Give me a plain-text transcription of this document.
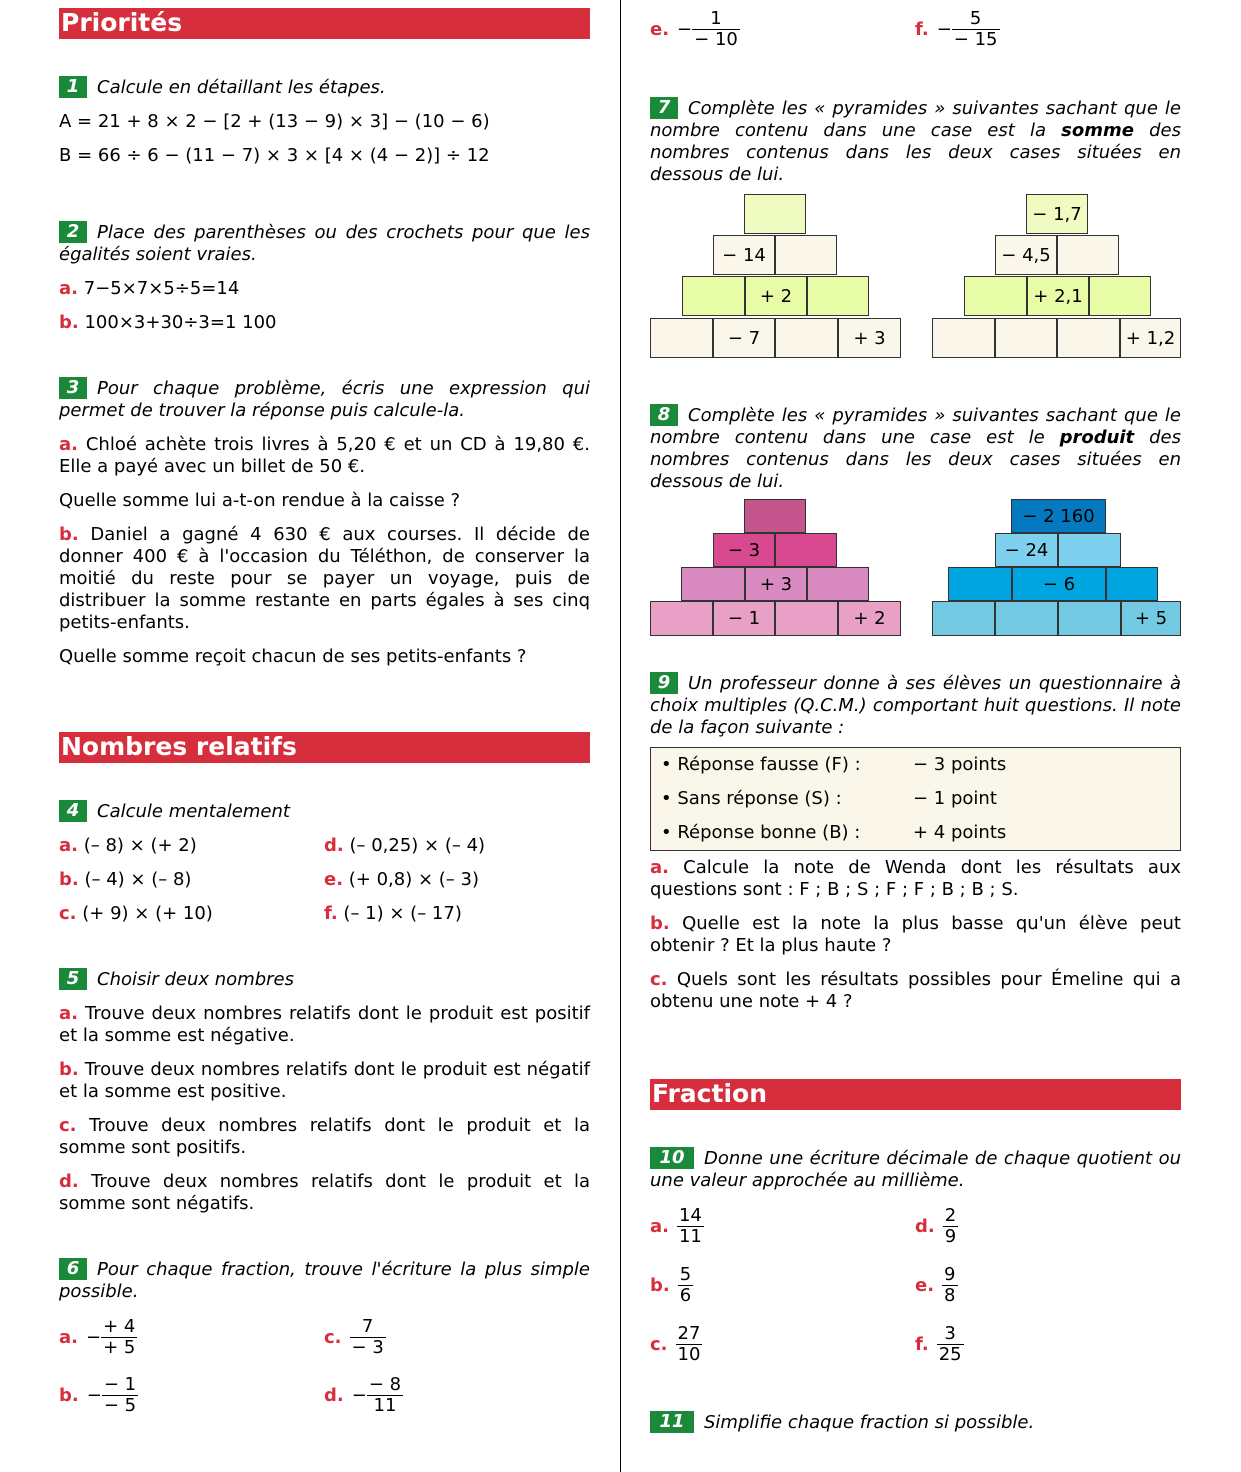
Priorités
1 Calcule en détaillant les étapes.

A = 21 + 8 × 2 − [2 + (13 − 9) × 3] − (10 − 6)

B = 66 ÷ 6 − (11 − 7) × 3 × [4 × (4 − 2)] ÷ 12

2 Place des parenthèses ou des crochets pour que les égalités soient vraies.

a. 7−5×7×5÷5=14

b. 100×3+30÷3=1 100

3 Pour chaque problème, écris une expression qui permet de trouver la réponse puis calcule-la.

a. Chloé achète trois livres à 5,20 € et un CD à 19,80 €. Elle a payé avec un billet de 50 €.

Quelle somme lui a-t-on rendue à la caisse ?

b. Daniel a gagné 4 630 € aux courses. Il décide de donner 400 € à l'occasion du Téléthon, de conserver la moitié du reste pour se payer un voyage, puis de distribuer la somme restante en parts égales à ses cinq petits-enfants.

Quelle somme reçoit chacun de ses petits-enfants ?

Nombres relatifs
4 Calcule mentalement
a. (– 8) × (+ 2)	d. (– 0,25) × (– 4)
b. (– 4) × (– 8)	e. (+ 0,8) × (– 3)
c. (+ 9) × (+ 10)	f. (– 1) × (– 17)
5 Choisir deux nombres

a. Trouve deux nombres relatifs dont le produit est positif et la somme est négative.

b. Trouve deux nombres relatifs dont le produit est négatif et la somme est positive.

c. Trouve deux nombres relatifs dont le produit et la somme sont positifs.

d. Trouve deux nombres relatifs dont le produit et la somme sont négatifs.

6 Pour chaque fraction, trouve l'écriture la plus simple possible.
a. − $\frac{+ 4}{+ 5}$	c. $\frac{7}{- 3}$
b. − $\frac{- 1}{- 5}$	d. − $\frac{- 8}{11}$
e. − $\frac{1}{- 10}$	f. − $\frac{5}{- 15}$
7 Complète les « pyramides » suivantes sachant que le nombre contenu dans une case est la somme des nombres contenus dans les deux cases situées en dessous de lui.
− 14
+ 2
− 7	+ 3
− 1,7
− 4,5
+ 2,1
+ 1,2
8 Complète les « pyramides » suivantes sachant que le nombre contenu dans une case est le produit des nombres contenus dans les deux cases situées en dessous de lui.
− 3
+ 3
− 1	+ 2
− 2 160
− 24
− 6
+ 5
9 Un professeur donne à ses élèves un questionnaire à choix multiples (Q.C.M.) comportant huit questions. Il note de la façon suivante :
• Réponse fausse (F) :	− 3 points
• Sans réponse (S) :	− 1 point
• Réponse bonne (B) :	+ 4 points

a. Calcule la note de Wenda dont les résultats aux questions sont : F ; B ; S ; F ; F ; B ; B ; S.

b. Quelle est la note la plus basse qu'un élève peut obtenir ? Et la plus haute ?

c. Quels sont les résultats possibles pour Émeline qui a obtenu une note + 4 ?

Fraction
10 Donne une écriture décimale de chaque quotient ou une valeur approchée au millième.
a. $\frac{14}{11}$	d. $\frac{2}{9}$
b. $\frac{5}{6}$	e. $\frac{9}{8}$
c. $\frac{27}{10}$	f. $\frac{3}{25}$
11 Simplifie chaque fraction si possible.
